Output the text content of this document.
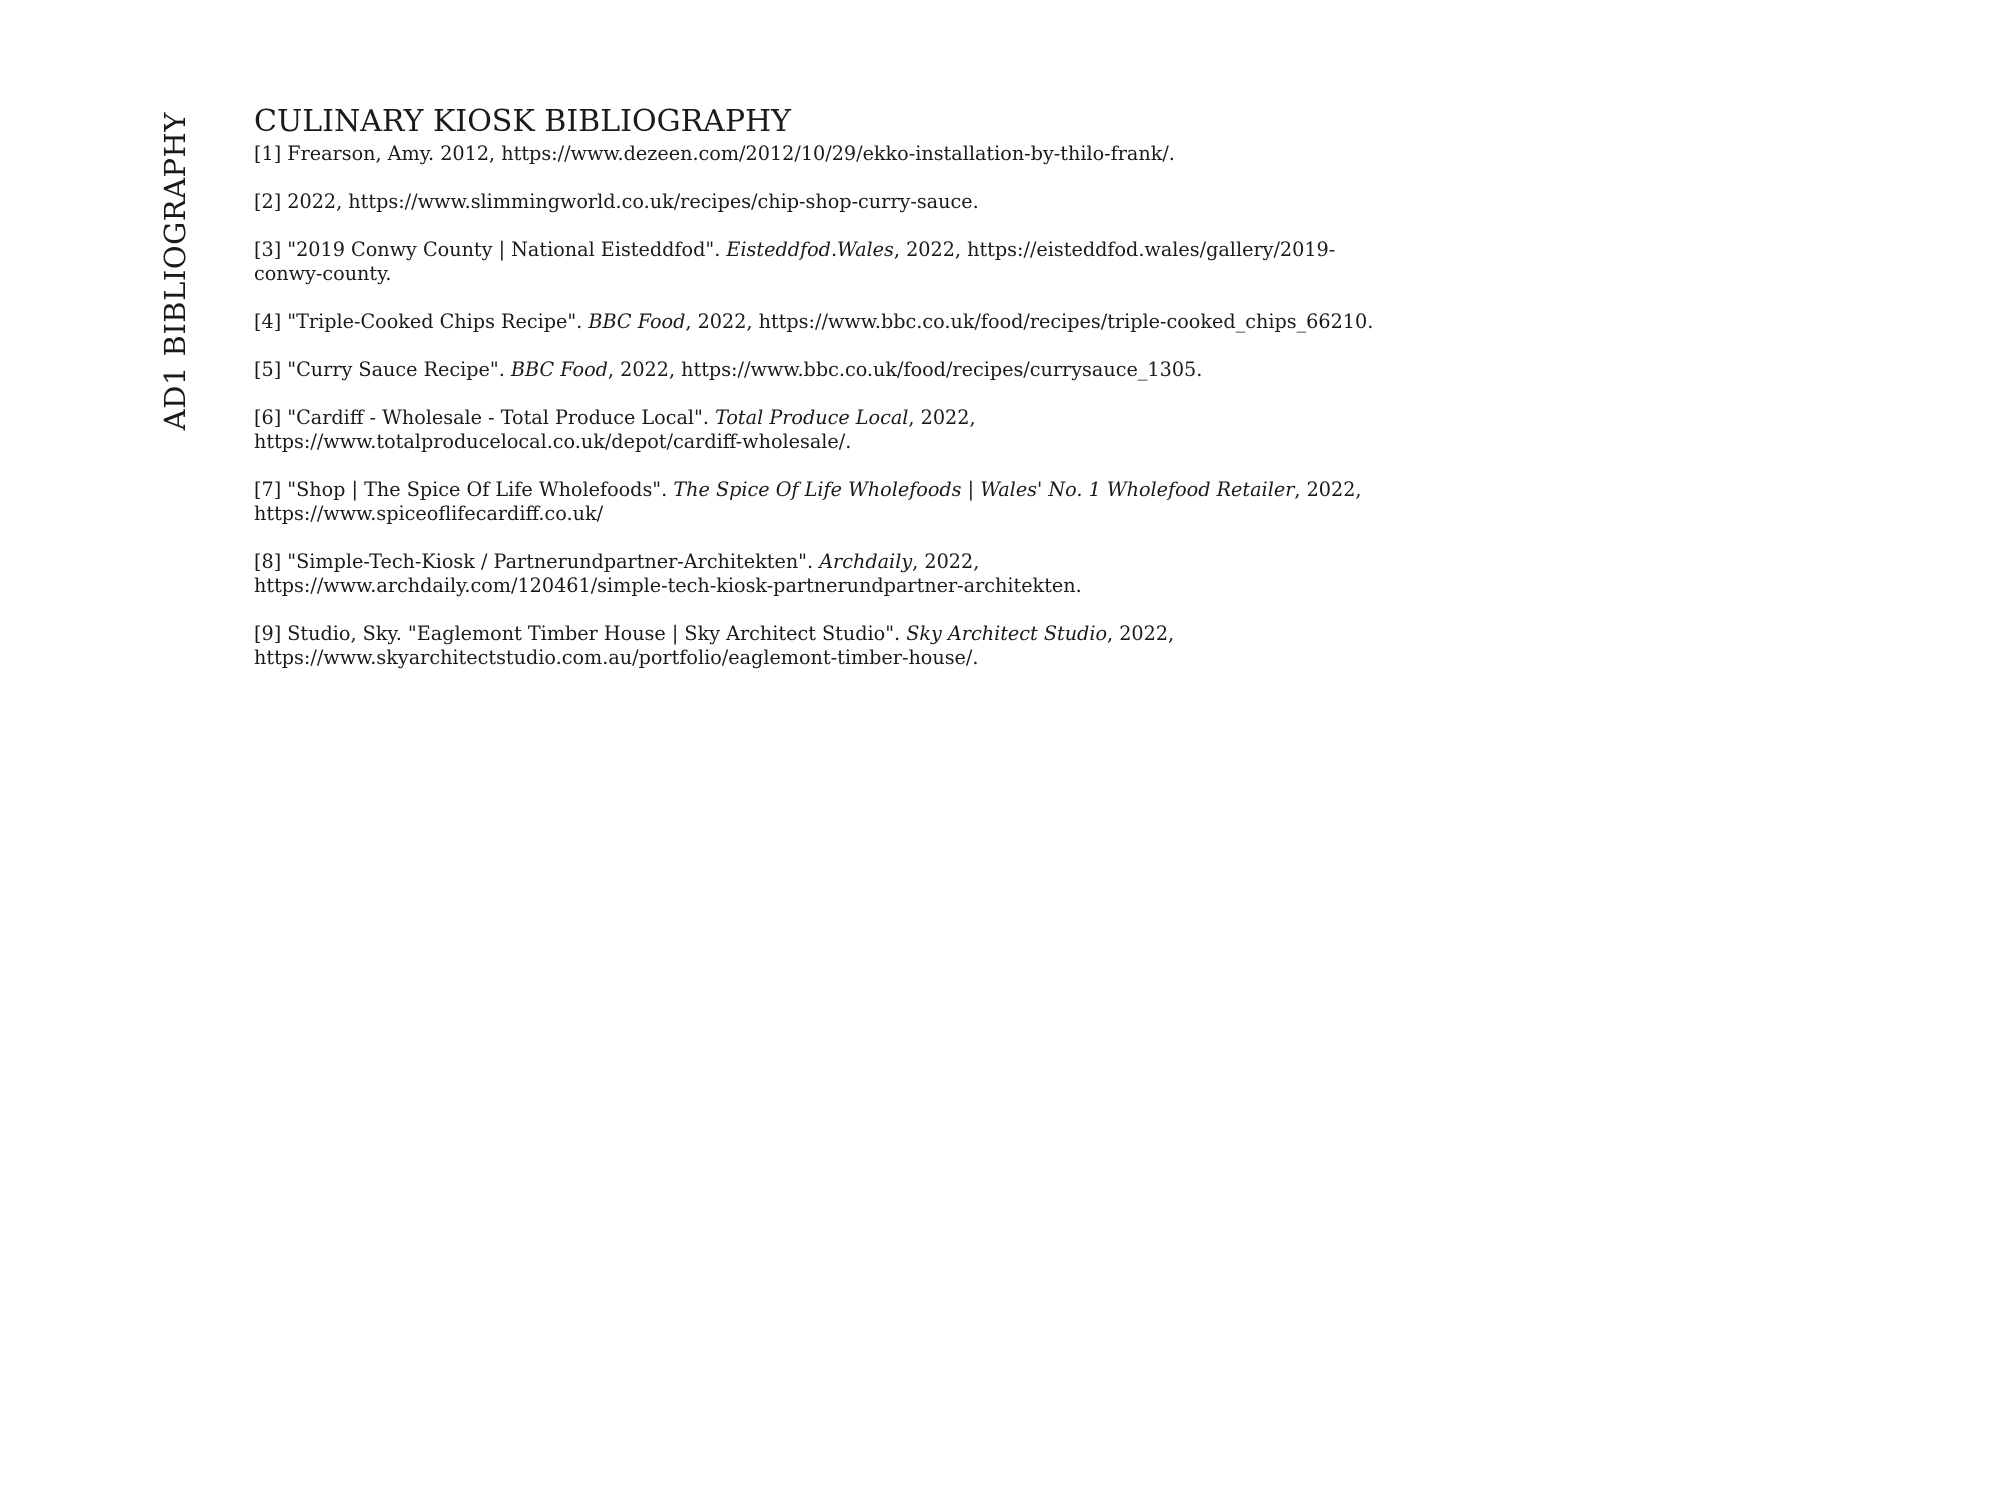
AD1 BIBLIOGRAPHY CULINARY KIOSK BIBLIOGRAPHY

[1] Frearson, Amy. 2012, https://www.dezeen.com/2012/10/29/ekko-installation-by-thilo-frank/.

[2] 2022, https://www.slimmingworld.co.uk/recipes/chip-shop-curry-sauce.

[3] "2019 Conwy County | National Eisteddfod". Eisteddfod.Wales, 2022, https://eisteddfod.wales/gallery/2019-
conwy-county.

[4] "Triple-Cooked Chips Recipe". BBC Food, 2022, https://www.bbc.co.uk/food/recipes/triple-cooked_chips_66210.

[5] "Curry Sauce Recipe". BBC Food, 2022, https://www.bbc.co.uk/food/recipes/currysauce_1305.

[6] "Cardiff - Wholesale - Total Produce Local". Total Produce Local, 2022,
https://www.totalproducelocal.co.uk/depot/cardiff-wholesale/.

[7] "Shop | The Spice Of Life Wholefoods". The Spice Of Life Wholefoods | Wales' No. 1 Wholefood Retailer, 2022,
https://www.spiceoflifecardiff.co.uk/

[8] "Simple-Tech-Kiosk / Partnerundpartner-Architekten". Archdaily, 2022,
https://www.archdaily.com/120461/simple-tech-kiosk-partnerundpartner-architekten.

[9] Studio, Sky. "Eaglemont Timber House | Sky Architect Studio". Sky Architect Studio, 2022,
https://www.skyarchitectstudio.com.au/portfolio/eaglemont-timber-house/.
